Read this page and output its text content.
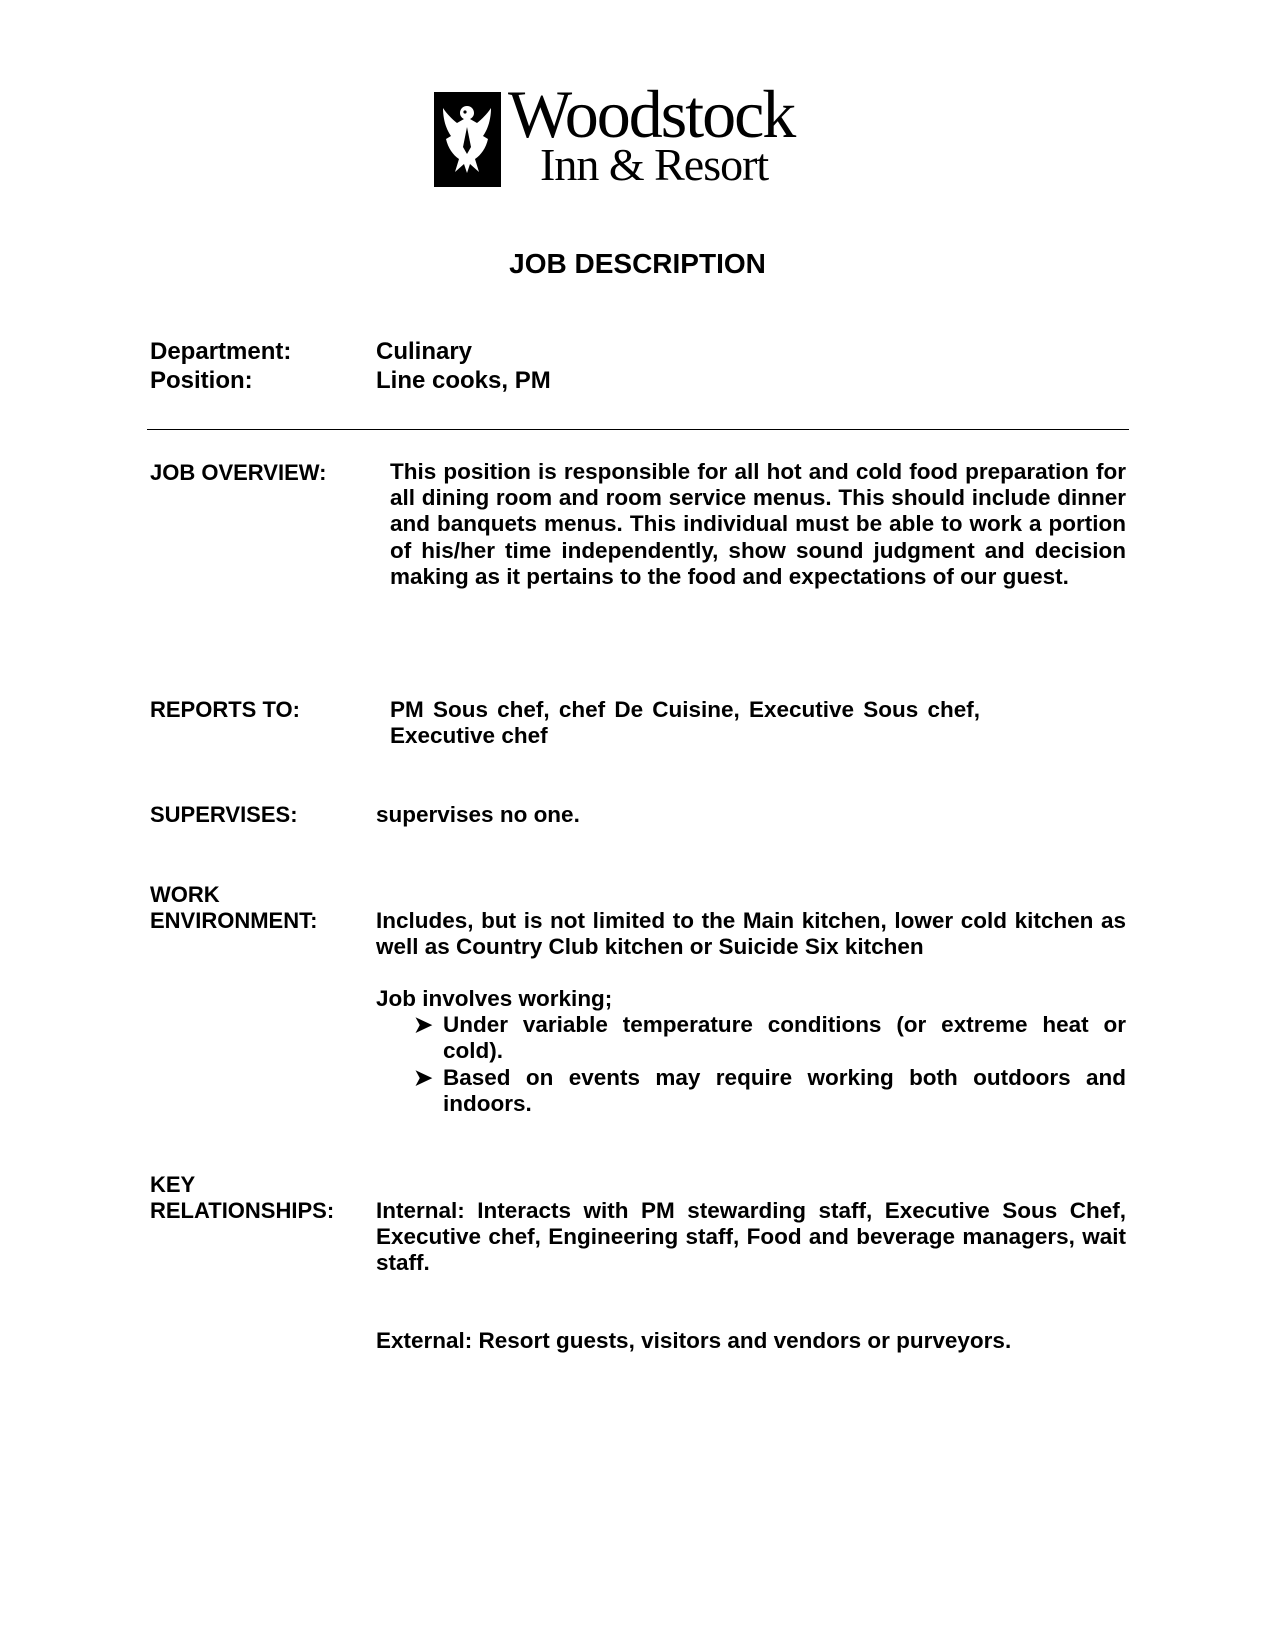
Woodstock
Inn & Resort
JOB DESCRIPTION
Department:	Culinary
Position:	Line cooks, PM
JOB OVERVIEW:	This position is responsible for all hot and cold food preparation for all dining room and room service menus. This should include dinner and banquets menus. This individual must be able to work a portion of his/her time independently, show sound judgment and decision making as it pertains to the food and expectations of our guest.
REPORTS TO:	PM Sous chef, chef De Cuisine, Executive Sous chef, Executive chef
SUPERVISES:	supervises no one.
WORK
ENVIRONMENT:	Includes, but is not limited to the Main kitchen, lower cold kitchen as well as Country Club kitchen or Suicide Six kitchen
Job involves working;
➤ Under variable temperature conditions (or extreme heat or cold).
➤ Based on events may require working both outdoors and indoors.
KEY
RELATIONSHIPS: Internal: Interacts with PM stewarding staff, Executive Sous Chef, Executive chef, Engineering staff, Food and beverage managers, wait staff.
External: Resort guests, visitors and vendors or purveyors.
